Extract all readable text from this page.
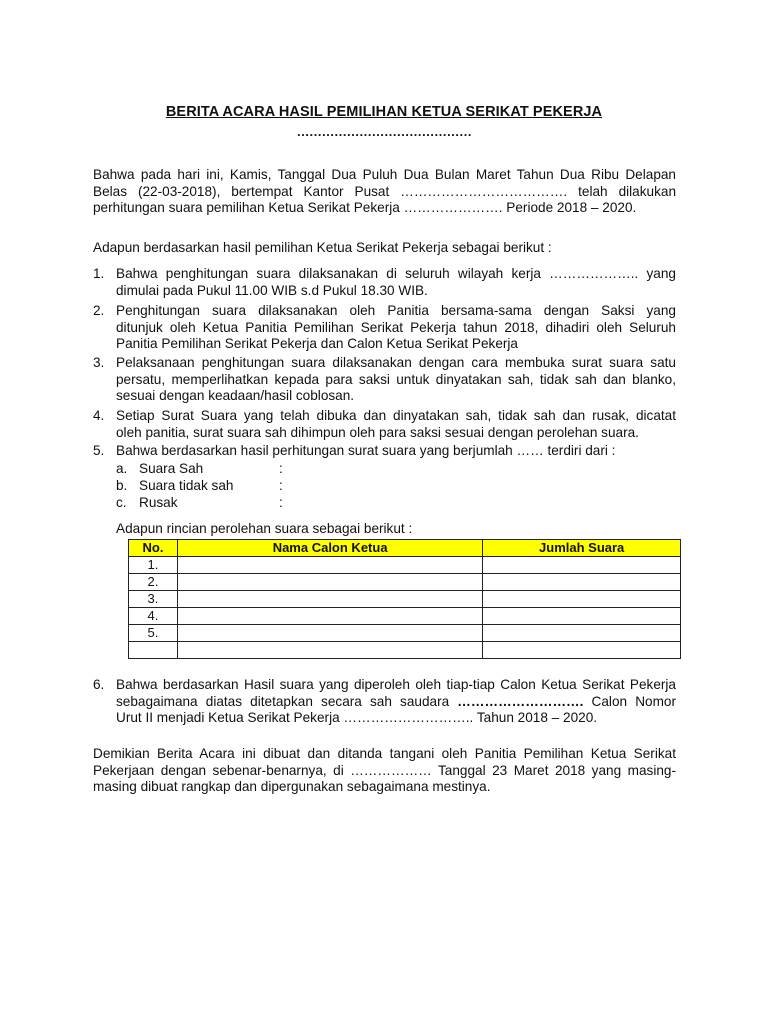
BERITA ACARA HASIL PEMILIHAN KETUA SERIKAT PEKERJA
……………………………………
Bahwa pada hari ini, Kamis, Tanggal Dua Puluh Dua Bulan Maret Tahun Dua Ribu Delapan
Belas (22-03-2018), bertempat Kantor Pusat ………………………………. telah dilakukan
perhitungan suara pemilihan Ketua Serikat Pekerja …………………. Periode 2018 – 2020.
Adapun berdasarkan hasil pemilihan Ketua Serikat Pekerja sebagai berikut :
1. Bahwa penghitungan suara dilaksanakan di seluruh wilayah kerja ……………….. yang
dimulai pada Pukul 11.00 WIB s.d Pukul 18.30 WIB.
2. Penghitungan suara dilaksanakan oleh Panitia bersama-sama dengan Saksi yang
ditunjuk oleh Ketua Panitia Pemilihan Serikat Pekerja tahun 2018, dihadiri oleh Seluruh
Panitia Pemilihan Serikat Pekerja dan Calon Ketua Serikat Pekerja
3. Pelaksanaan penghitungan suara dilaksanakan dengan cara membuka surat suara satu
persatu, memperlihatkan kepada para saksi untuk dinyatakan sah, tidak sah dan blanko,
sesuai dengan keadaan/hasil coblosan.
4. Setiap Surat Suara yang telah dibuka dan dinyatakan sah, tidak sah dan rusak, dicatat
oleh panitia, surat suara sah dihimpun oleh para saksi sesuai dengan perolehan suara.
5. Bahwa berdasarkan hasil perhitungan surat suara yang berjumlah …… terdiri dari :
a. Suara Sah	:
b. Suara tidak sah	:
c. Rusak	:
Adapun rincian perolehan suara sebagai berikut :
No.	Nama Calon Ketua	Jumlah Suara
1.		
2.		
3.		
4.		
5.		

6. Bahwa berdasarkan Hasil suara yang diperoleh oleh tiap-tiap Calon Ketua Serikat Pekerja
sebagaimana diatas ditetapkan secara sah saudara ………………………. Calon Nomor
Urut II menjadi Ketua Serikat Pekerja ……………………….. Tahun 2018 – 2020.
Demikian Berita Acara ini dibuat dan ditanda tangani oleh Panitia Pemilihan Ketua Serikat
Pekerjaan dengan sebenar-benarnya, di ……………… Tanggal 23 Maret 2018 yang masing-
masing dibuat rangkap dan dipergunakan sebagaimana mestinya.
